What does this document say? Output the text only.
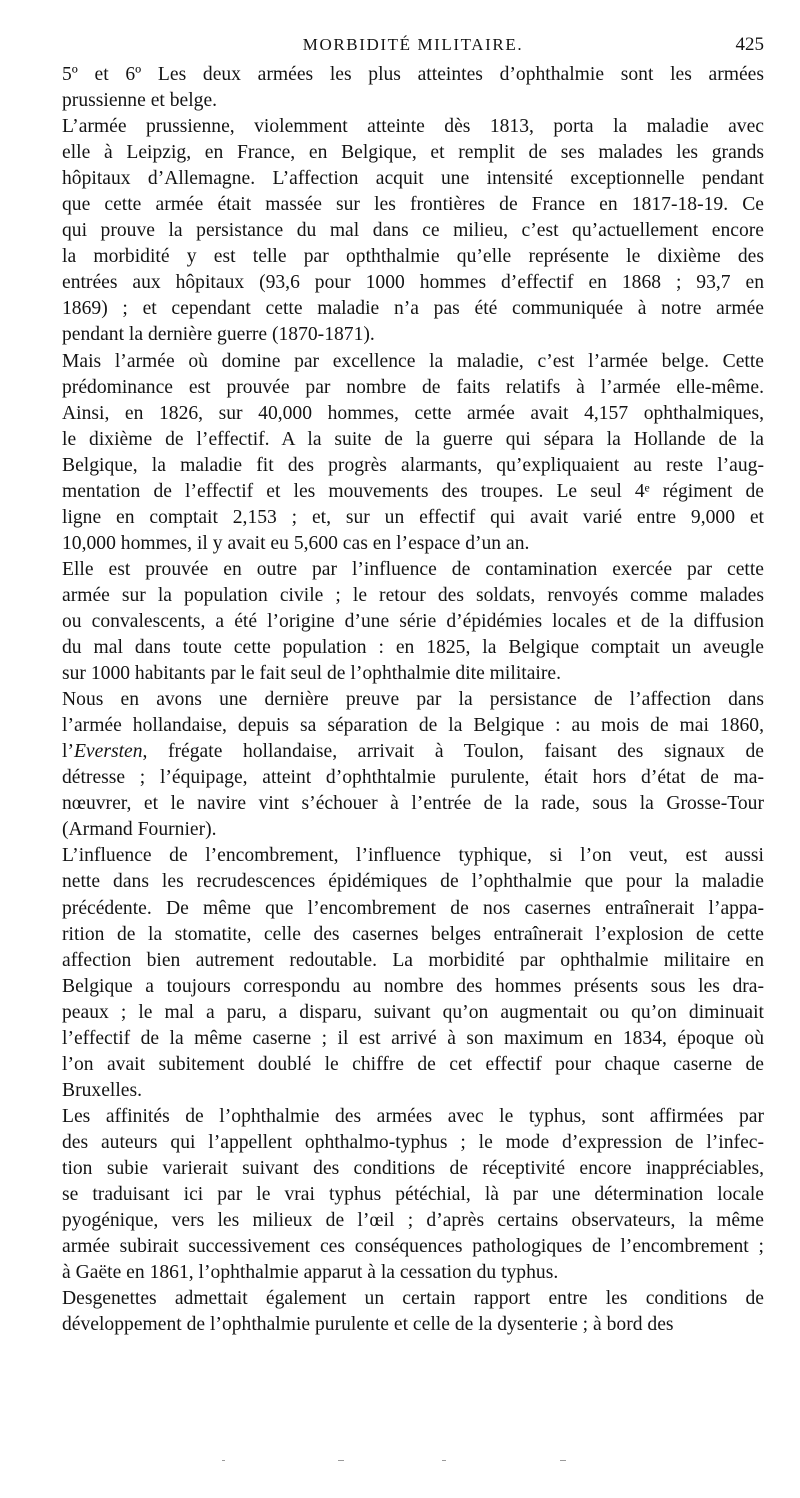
MORBIDITÉ MILITAIRE.	425
5º et 6º Les deux armées les plus atteintes d’ophthalmie sont les armées
prussienne et belge.
L’armée prussienne, violemment atteinte dès 1813, porta la maladie avec
elle à Leipzig, en France, en Belgique, et remplit de ses malades les grands
hôpitaux d’Allemagne. L’affection acquit une intensité exceptionnelle pendant
que cette armée était massée sur les frontières de France en 1817-18-19. Ce
qui prouve la persistance du mal dans ce milieu, c’est qu’actuellement encore
la morbidité y est telle par opththalmie qu’elle représente le dixième des
entrées aux hôpitaux (93,6 pour 1000 hommes d’effectif en 1868 ; 93,7 en
1869) ; et cependant cette maladie n’a pas été communiquée à notre armée
pendant la dernière guerre (1870-1871).
Mais l’armée où domine par excellence la maladie, c’est l’armée belge. Cette
prédominance est prouvée par nombre de faits relatifs à l’armée elle-même.
Ainsi, en 1826, sur 40,000 hommes, cette armée avait 4,157 ophthalmiques,
le dixième de l’effectif. A la suite de la guerre qui sépara la Hollande de la
Belgique, la maladie fit des progrès alarmants, qu’expliquaient au reste l’aug-
mentation de l’effectif et les mouvements des troupes. Le seul 4ᵉ régiment de
ligne en comptait 2,153 ; et, sur un effectif qui avait varié entre 9,000 et
10,000 hommes, il y avait eu 5,600 cas en l’espace d’un an.
Elle est prouvée en outre par l’influence de contamination exercée par cette
armée sur la population civile ; le retour des soldats, renvoyés comme malades
ou convalescents, a été l’origine d’une série d’épidémies locales et de la diffusion
du mal dans toute cette population : en 1825, la Belgique comptait un aveugle
sur 1000 habitants par le fait seul de l’ophthalmie dite militaire.
Nous en avons une dernière preuve par la persistance de l’affection dans
l’armée hollandaise, depuis sa séparation de la Belgique : au mois de mai 1860,
l’Eversten, frégate hollandaise, arrivait à Toulon, faisant des signaux de
détresse ; l’équipage, atteint d’ophthtalmie purulente, était hors d’état de ma-
nœuvrer, et le navire vint s’échouer à l’entrée de la rade, sous la Grosse-Tour
(Armand Fournier).
L’influence de l’encombrement, l’influence typhique, si l’on veut, est aussi
nette dans les recrudescences épidémiques de l’ophthalmie que pour la maladie
précédente. De même que l’encombrement de nos casernes entraînerait l’appa-
rition de la stomatite, celle des casernes belges entraînerait l’explosion de cette
affection bien autrement redoutable. La morbidité par ophthalmie militaire en
Belgique a toujours correspondu au nombre des hommes présents sous les dra-
peaux ; le mal a paru, a disparu, suivant qu’on augmentait ou qu’on diminuait
l’effectif de la même caserne ; il est arrivé à son maximum en 1834, époque où
l’on avait subitement doublé le chiffre de cet effectif pour chaque caserne de
Bruxelles.
Les affinités de l’ophthalmie des armées avec le typhus, sont affirmées par
des auteurs qui l’appellent ophthalmo-typhus ; le mode d’expression de l’infec-
tion subie varierait suivant des conditions de réceptivité encore inappréciables,
se traduisant ici par le vrai typhus pétéchial, là par une détermination locale
pyogénique, vers les milieux de l’œil ; d’après certains observateurs, la même
armée subirait successivement ces conséquences pathologiques de l’encombrement ;
à Gaëte en 1861, l’ophthalmie apparut à la cessation du typhus.
Desgenettes admettait également un certain rapport entre les conditions de
développement de l’ophthalmie purulente et celle de la dysenterie ; à bord des
